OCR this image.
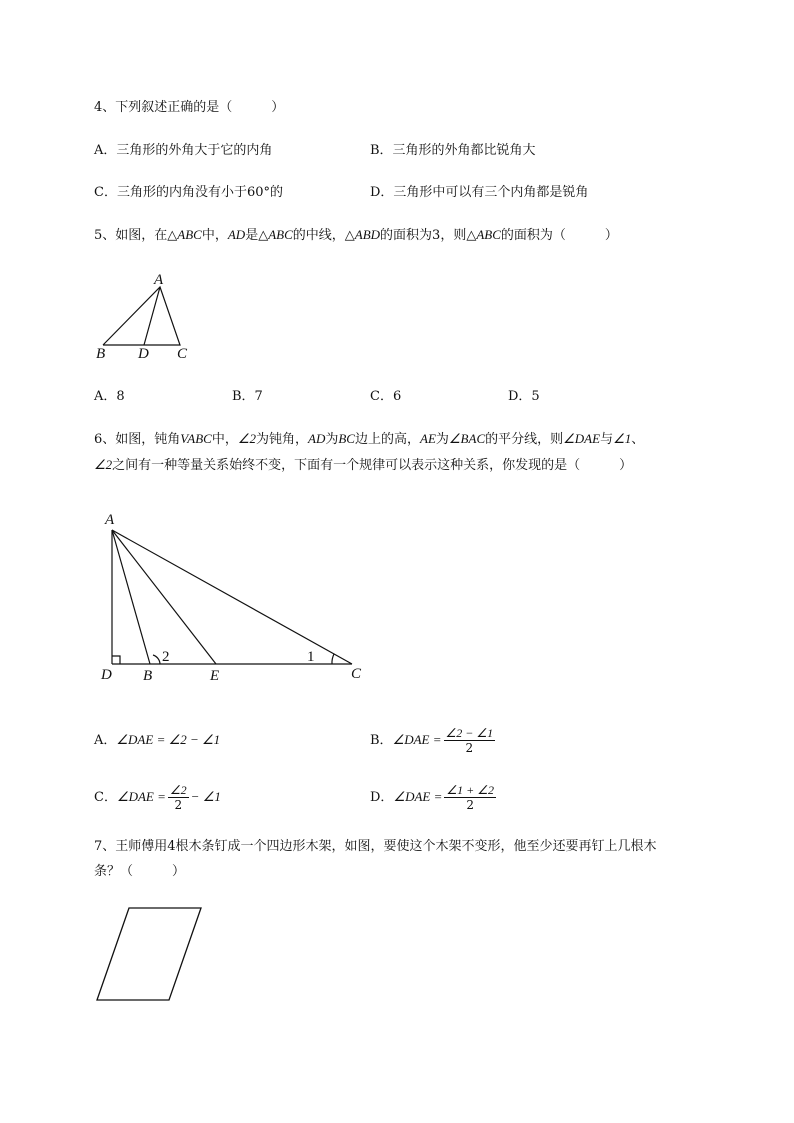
4、下列叙述正确的是（　　　）
A．三角形的外角大于它的内角	B．三角形的外角都比锐角大
C．三角形的内角没有小于60°的	D．三角形中可以有三个内角都是锐角
5、如图，在△ABC中，AD是△ABC的中线，△ABD的面积为3，则△ABC的面积为（　　　）
A
B D C
A
D B	E	C
2	1
A．8	B．7	C．6	D．5
6、如图，钝角VABC中，∠2为钝角，AD为BC边上的高，AE为∠BAC的平分线，则∠DAE与∠1、
∠2之间有一种等量关系始终不变，下面有一个规律可以表示这种关系，你发现的是（　　　）
A．∠DAE = ∠2 − ∠1	B．∠DAE = $\frac{\angle 2 - \angle 1}{2}$
C．∠DAE = $\frac{\angle 2}{2}$ − ∠1	D．∠DAE = $\frac{\angle 1 + \angle 2}{2}$
7、王师傅用4根木条钉成一个四边形木架，如图，要使这个木架不变形，他至少还要再钉上几根木
条？（　　　）
